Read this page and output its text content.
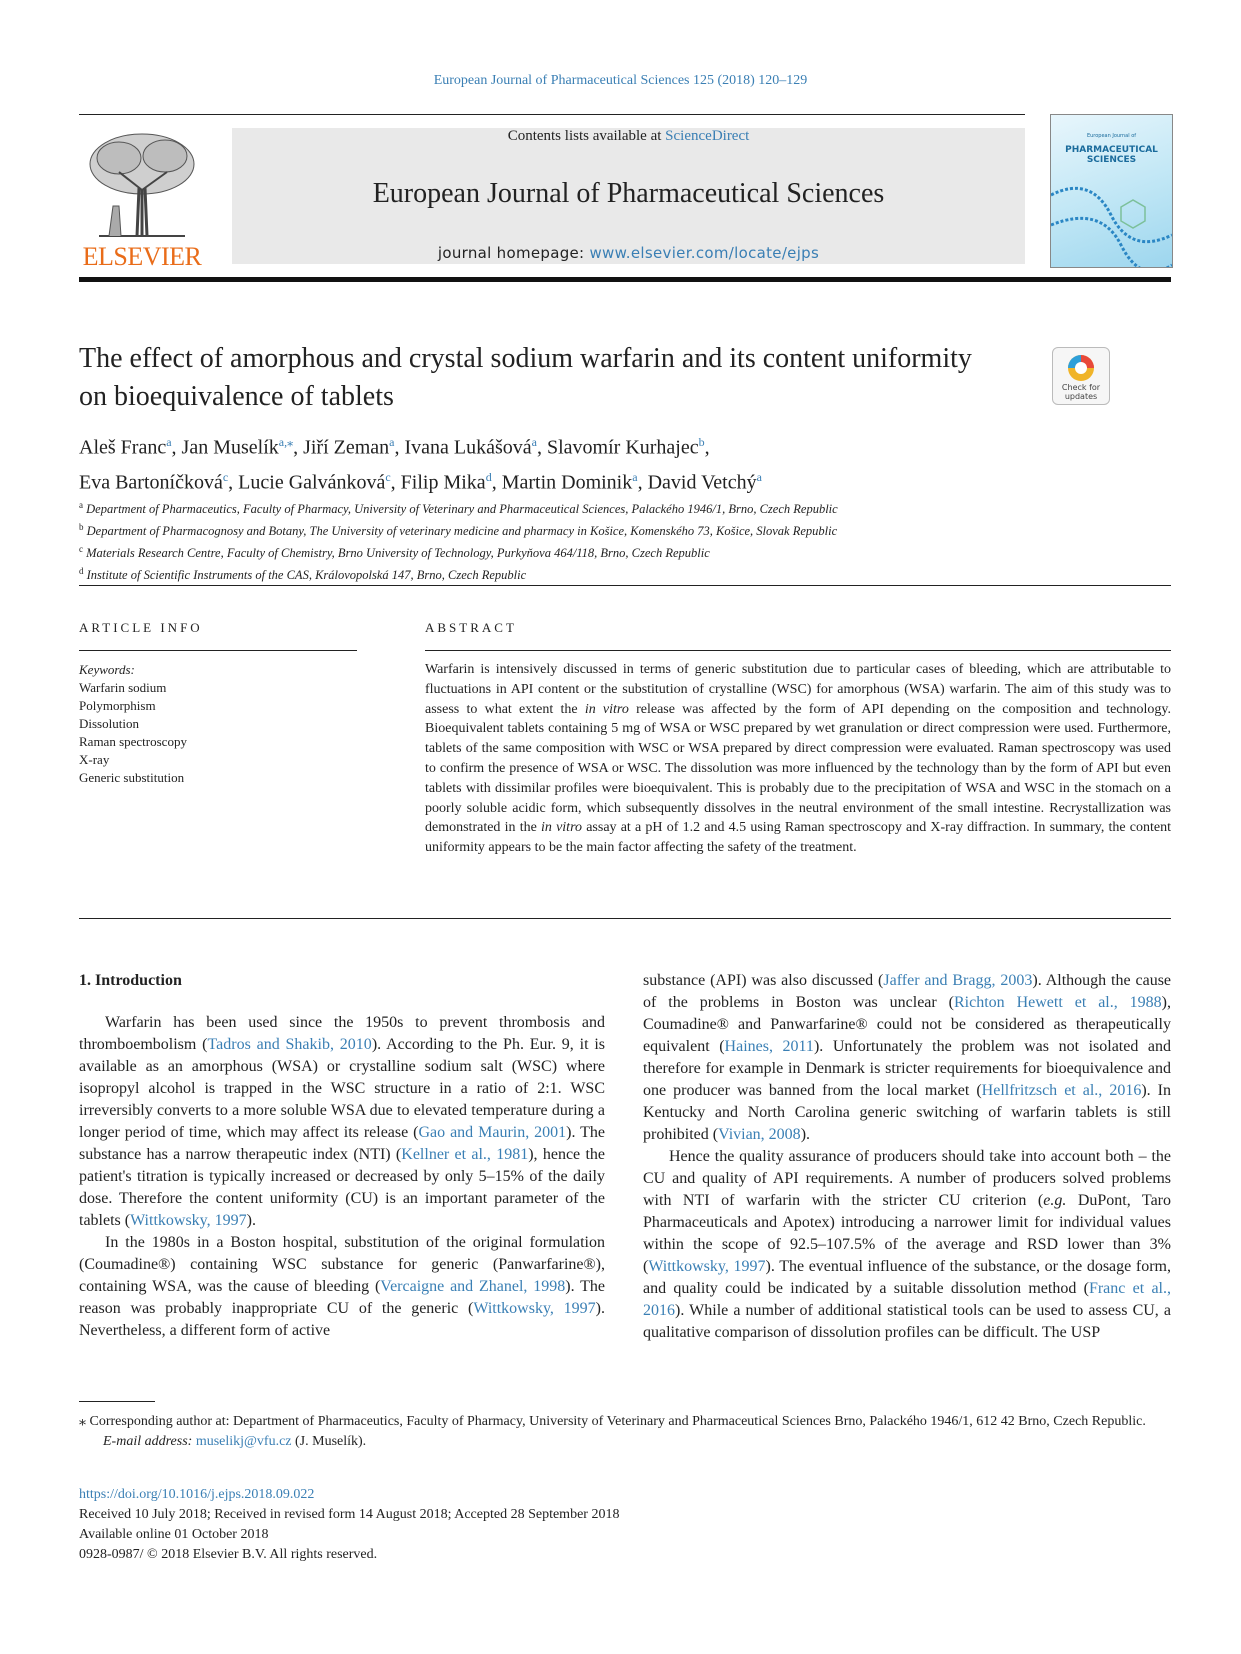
European Journal of Pharmaceutical Sciences 125 (2018) 120–129
ELSEVIER
Contents lists available at ScienceDirect
European Journal of Pharmaceutical Sciences
journal homepage: www.elsevier.com/locate/ejps
European Journal of
PHARMACEUTICAL SCIENCES
The effect of amorphous and crystal sodium warfarin and its content uniformity on bioequivalence of tablets	Check for updates
Aleš Franc$^a$, Jan Muselík$^{a,⁎}$, Jiří Zeman$^a$, Ivana Lukášová$^a$, Slavomír Kurhajec$^b$,
Eva Bartoníčková$^c$, Lucie Galvánková$^c$, Filip Mika$^d$, Martin Dominik$^a$, David Vetchý$^a$
$^a$ Department of Pharmaceutics, Faculty of Pharmacy, University of Veterinary and Pharmaceutical Sciences, Palackého 1946/1, Brno, Czech Republic
$^b$ Department of Pharmacognosy and Botany, The University of veterinary medicine and pharmacy in Košice, Komenského 73, Košice, Slovak Republic
$^c$ Materials Research Centre, Faculty of Chemistry, Brno University of Technology, Purkyňova 464/118, Brno, Czech Republic
$^d$ Institute of Scientific Instruments of the CAS, Královopolská 147, Brno, Czech Republic
ARTICLE INFO	ABSTRACT
Keywords:
Warfarin sodium
Polymorphism
Dissolution
Raman spectroscopy
X-ray
Generic substitution
Warfarin is intensively discussed in terms of generic substitution due to particular cases of bleeding, which are attributable to fluctuations in API content or the substitution of crystalline (WSC) for amorphous (WSA) warfarin. The aim of this study was to assess to what extent the in vitro release was affected by the form of API depending on the composition and technology. Bioequivalent tablets containing 5 mg of WSA or WSC prepared by wet granulation or direct compression were used. Furthermore, tablets of the same composition with WSC or WSA prepared by direct compression were evaluated. Raman spectroscopy was used to confirm the presence of WSA or WSC. The dissolution was more influenced by the technology than by the form of API but even tablets with dissimilar profiles were bioequivalent. This is probably due to the precipitation of WSA and WSC in the stomach on a poorly soluble acidic form, which subsequently dissolves in the neutral environment of the small intestine. Recrystallization was demonstrated in the in vitro assay at a pH of 1.2 and 4.5 using Raman spectroscopy and X-ray diffraction. In summary, the content uniformity appears to be the main factor affecting the safety of the treatment.
1. Introduction

Warfarin has been used since the 1950s to prevent thrombosis and thromboembolism (Tadros and Shakib, 2010). According to the Ph. Eur. 9, it is available as an amorphous (WSA) or crystalline sodium salt (WSC) where isopropyl alcohol is trapped in the WSC structure in a ratio of 2:1. WSC irreversibly converts to a more soluble WSA due to elevated temperature during a longer period of time, which may affect its release (Gao and Maurin, 2001). The substance has a narrow therapeutic index (NTI) (Kellner et al., 1981), hence the patient's titration is typically increased or decreased by only 5–15% of the daily dose. Therefore the content uniformity (CU) is an important parameter of the tablets (Wittkowsky, 1997).

In the 1980s in a Boston hospital, substitution of the original formulation (Coumadine®) containing WSC substance for generic (Panwarfarine®), containing WSA, was the cause of bleeding (Vercaigne and Zhanel, 1998). The reason was probably inappropriate CU of the generic (Wittkowsky, 1997). Nevertheless, a different form of active

substance (API) was also discussed (Jaffer and Bragg, 2003). Although the cause of the problems in Boston was unclear (Richton Hewett et al., 1988), Coumadine® and Panwarfarine® could not be considered as therapeutically equivalent (Haines, 2011). Unfortunately the problem was not isolated and therefore for example in Denmark is stricter requirements for bioequivalence and one producer was banned from the local market (Hellfritzsch et al., 2016). In Kentucky and North Carolina generic switching of warfarin tablets is still prohibited (Vivian, 2008).

Hence the quality assurance of producers should take into account both – the CU and quality of API requirements. A number of producers solved problems with NTI of warfarin with the stricter CU criterion (e.g. DuPont, Taro Pharmaceuticals and Apotex) introducing a narrower limit for individual values within the scope of 92.5–107.5% of the average and RSD lower than 3% (Wittkowsky, 1997). The eventual influence of the substance, or the dosage form, and quality could be indicated by a suitable dissolution method (Franc et al., 2016). While a number of additional statistical tools can be used to assess CU, a qualitative comparison of dissolution profiles can be difficult. The USP

⁎ Corresponding author at: Department of Pharmaceutics, Faculty of Pharmacy, University of Veterinary and Pharmaceutical Sciences Brno, Palackého 1946/1, 612 42 Brno, Czech Republic.
E-mail address: muselikj@vfu.cz (J. Muselík).
https://doi.org/10.1016/j.ejps.2018.09.022
Received 10 July 2018; Received in revised form 14 August 2018; Accepted 28 September 2018
Available online 01 October 2018
0928-0987/ © 2018 Elsevier B.V. All rights reserved.
